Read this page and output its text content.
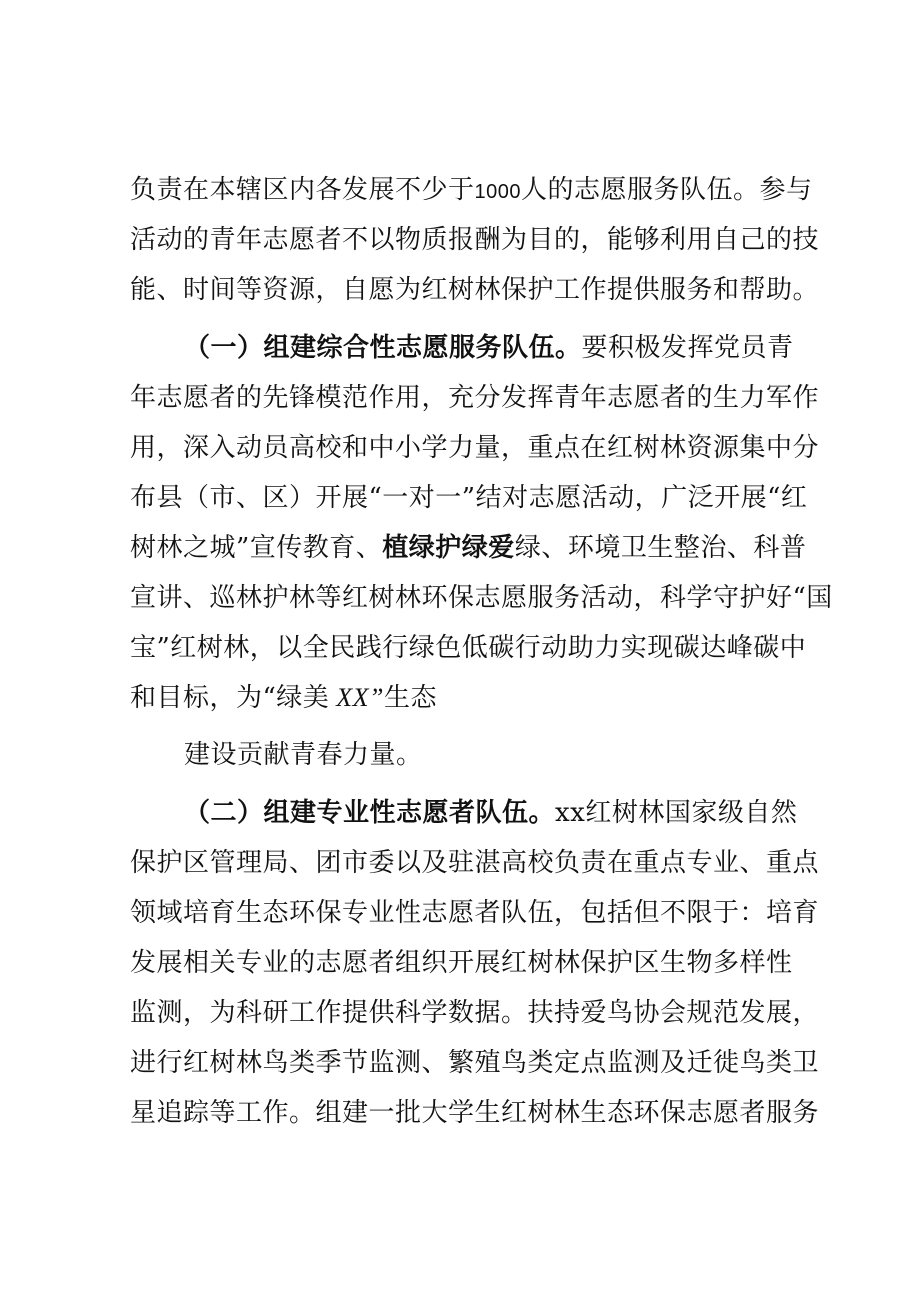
负责在本辖区内各发展不少于1000人的志愿服务队伍。参与
活动的青年志愿者不以物质报酬为目的，能够利用自己的技
能、时间等资源，自愿为红树林保护工作提供服务和帮助。
（一）组建综合性志愿服务队伍。要积极发挥党员青
年志愿者的先锋模范作用，充分发挥青年志愿者的生力军作
用，深入动员高校和中小学力量，重点在红树林资源集中分
布县（市、区）开展“一对一”结对志愿活动，广泛开展“红
树林之城”宣传教育、植绿护绿爱绿、环境卫生整治、科普
宣讲、巡林护林等红树林环保志愿服务活动，科学守护好“国
宝”红树林，以全民践行绿色低碳行动助力实现碳达峰碳中
和目标，为“绿美 XX”生态
建设贡献青春力量。
（二）组建专业性志愿者队伍。xx红树林国家级自然
保护区管理局、团市委以及驻湛高校负责在重点专业、重点
领域培育生态环保专业性志愿者队伍，包括但不限于：培育
发展相关专业的志愿者组织开展红树林保护区生物多样性
监测，为科研工作提供科学数据。扶持爱鸟协会规范发展，
进行红树林鸟类季节监测、繁殖鸟类定点监测及迁徙鸟类卫
星追踪等工作。组建一批大学生红树林生态环保志愿者服务
